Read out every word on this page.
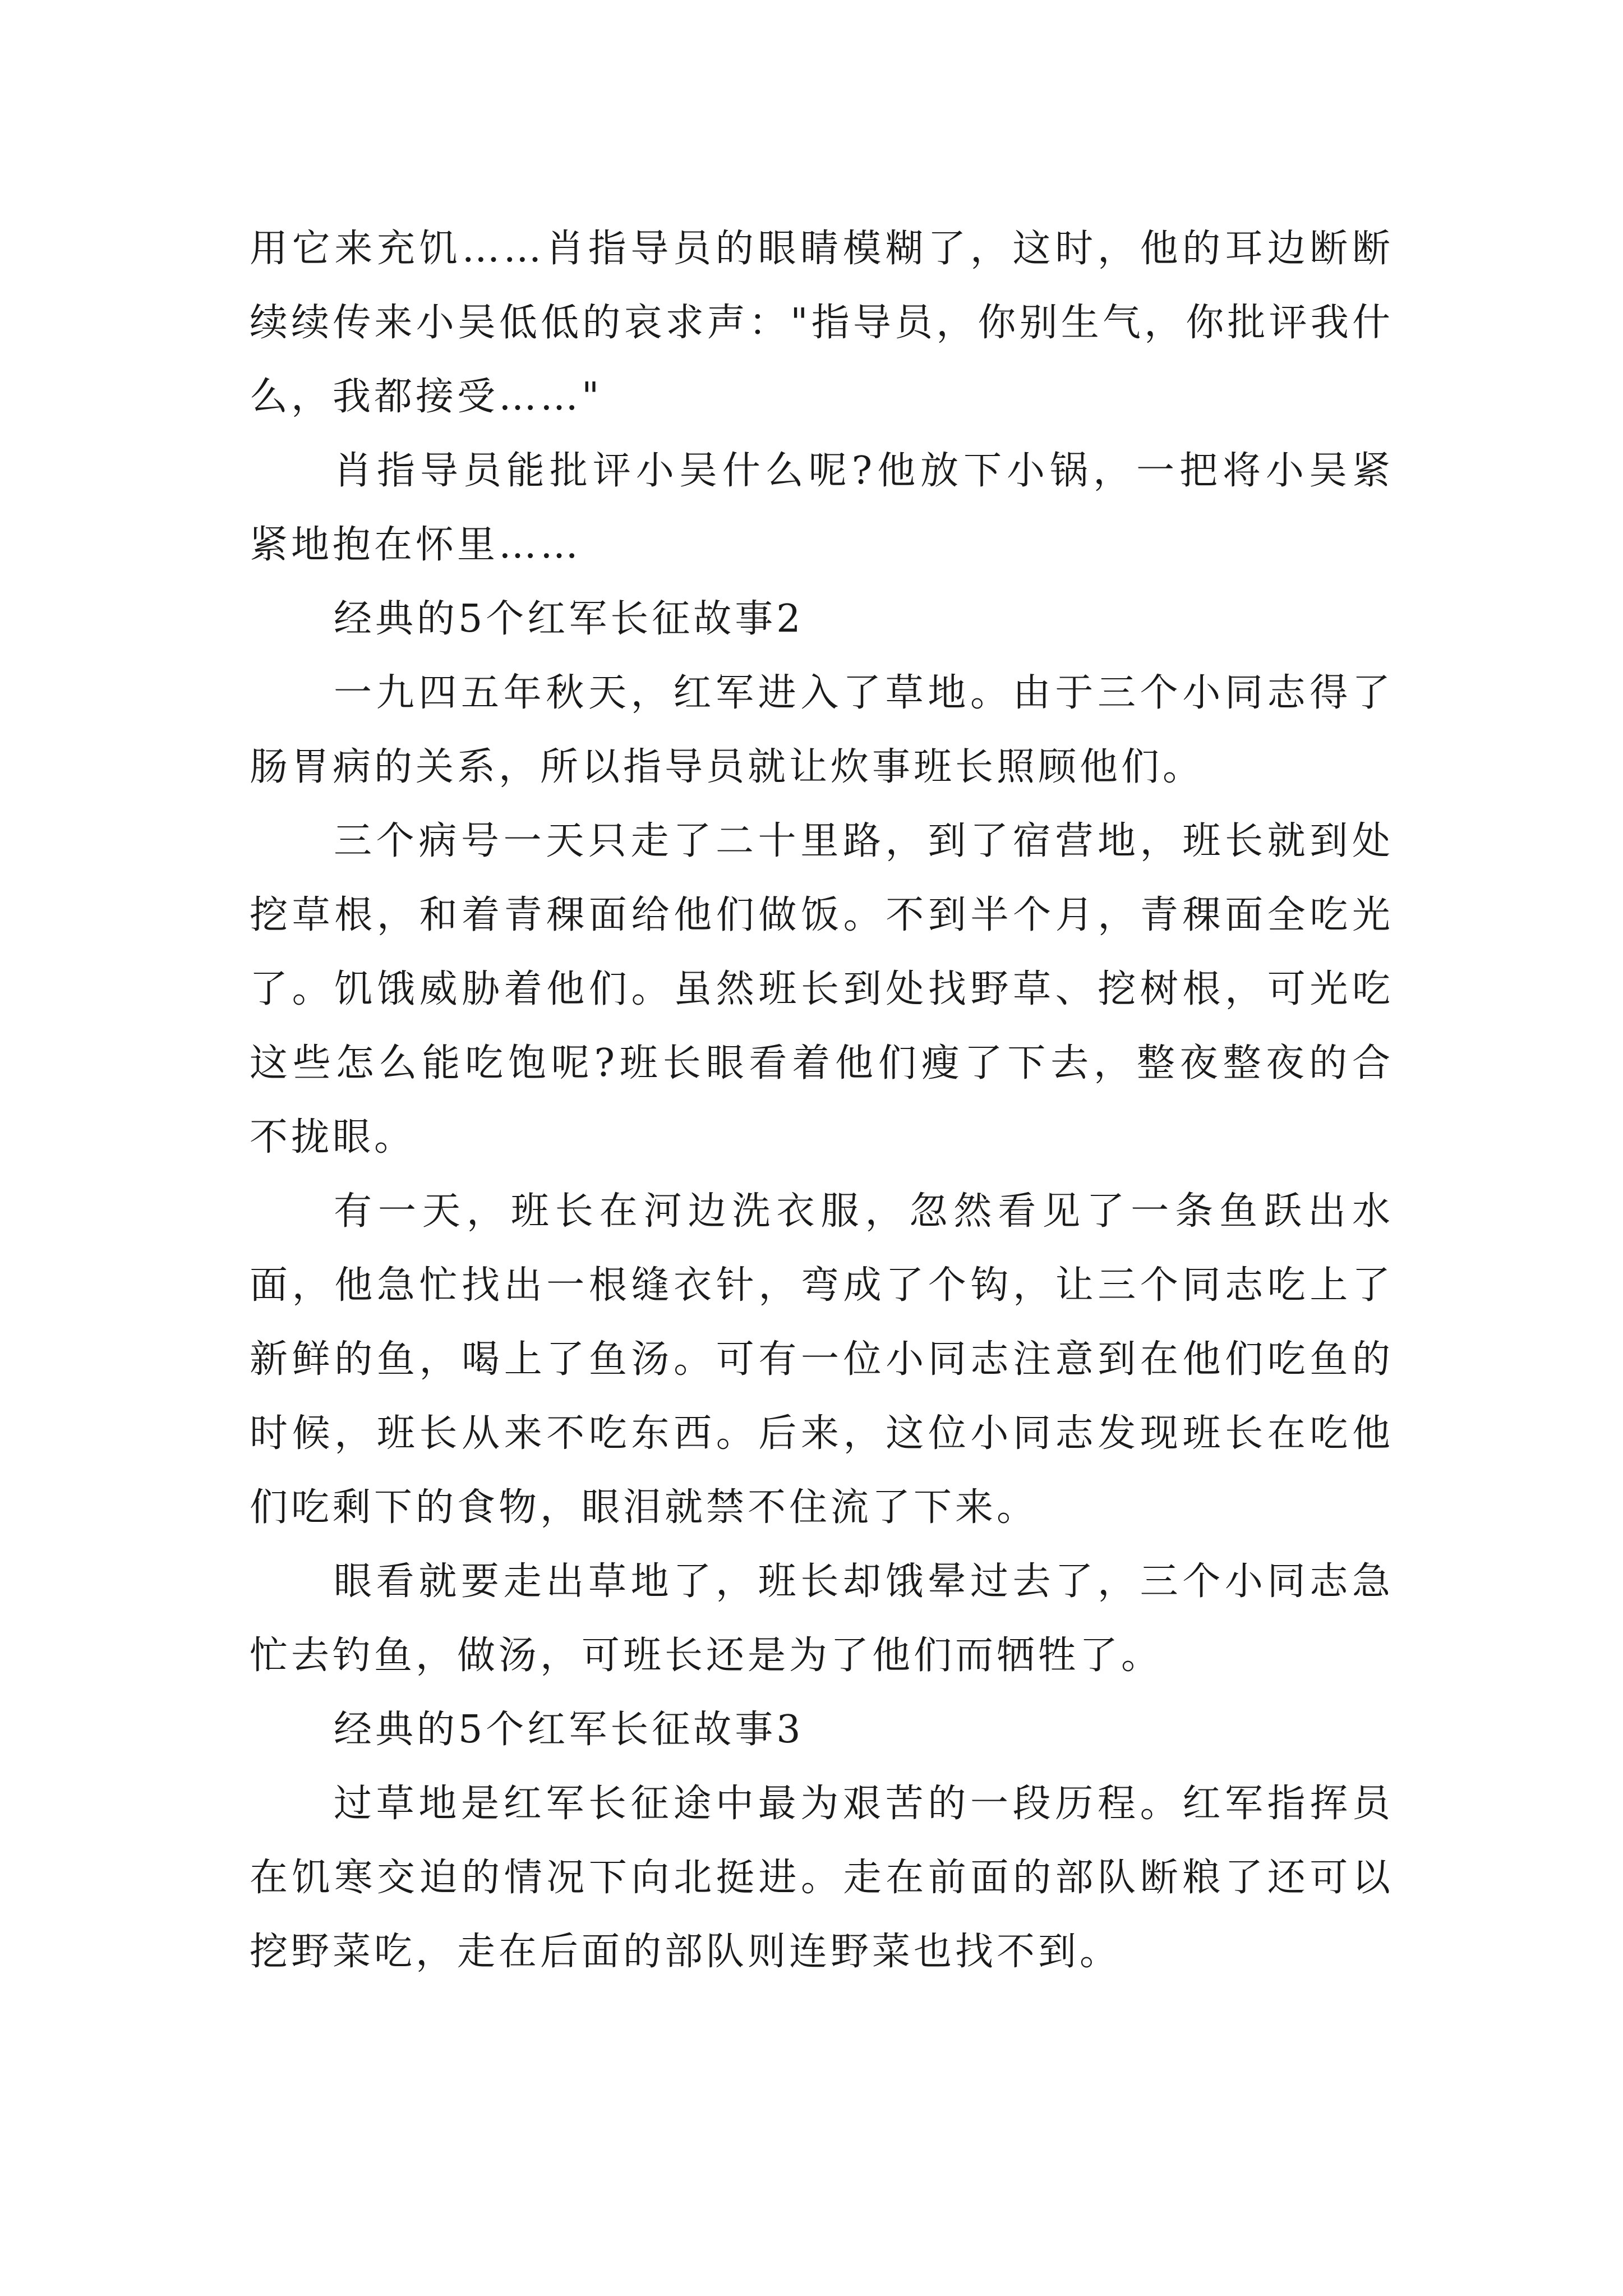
用它来充饥……肖指导员的眼睛模糊了，这时，他的耳边断断续续传来小吴低低的哀求声："指导员，你别生气，你批评我什么，我都接受……"

肖指导员能批评小吴什么呢?他放下小锅，一把将小吴紧紧地抱在怀里……

经典的5个红军长征故事2

一九四五年秋天，红军进入了草地。由于三个小同志得了肠胃病的关系，所以指导员就让炊事班长照顾他们。

三个病号一天只走了二十里路，到了宿营地，班长就到处挖草根，和着青稞面给他们做饭。不到半个月，青稞面全吃光了。饥饿威胁着他们。虽然班长到处找野草、挖树根，可光吃这些怎么能吃饱呢?班长眼看着他们瘦了下去，整夜整夜的合不拢眼。

有一天，班长在河边洗衣服，忽然看见了一条鱼跃出水面，他急忙找出一根缝衣针，弯成了个钩，让三个同志吃上了新鲜的鱼，喝上了鱼汤。可有一位小同志注意到在他们吃鱼的时候，班长从来不吃东西。后来，这位小同志发现班长在吃他们吃剩下的食物，眼泪就禁不住流了下来。

眼看就要走出草地了，班长却饿晕过去了，三个小同志急忙去钓鱼，做汤，可班长还是为了他们而牺牲了。

经典的5个红军长征故事3

过草地是红军长征途中最为艰苦的一段历程。红军指挥员在饥寒交迫的情况下向北挺进。走在前面的部队断粮了还可以挖野菜吃，走在后面的部队则连野菜也找不到。
